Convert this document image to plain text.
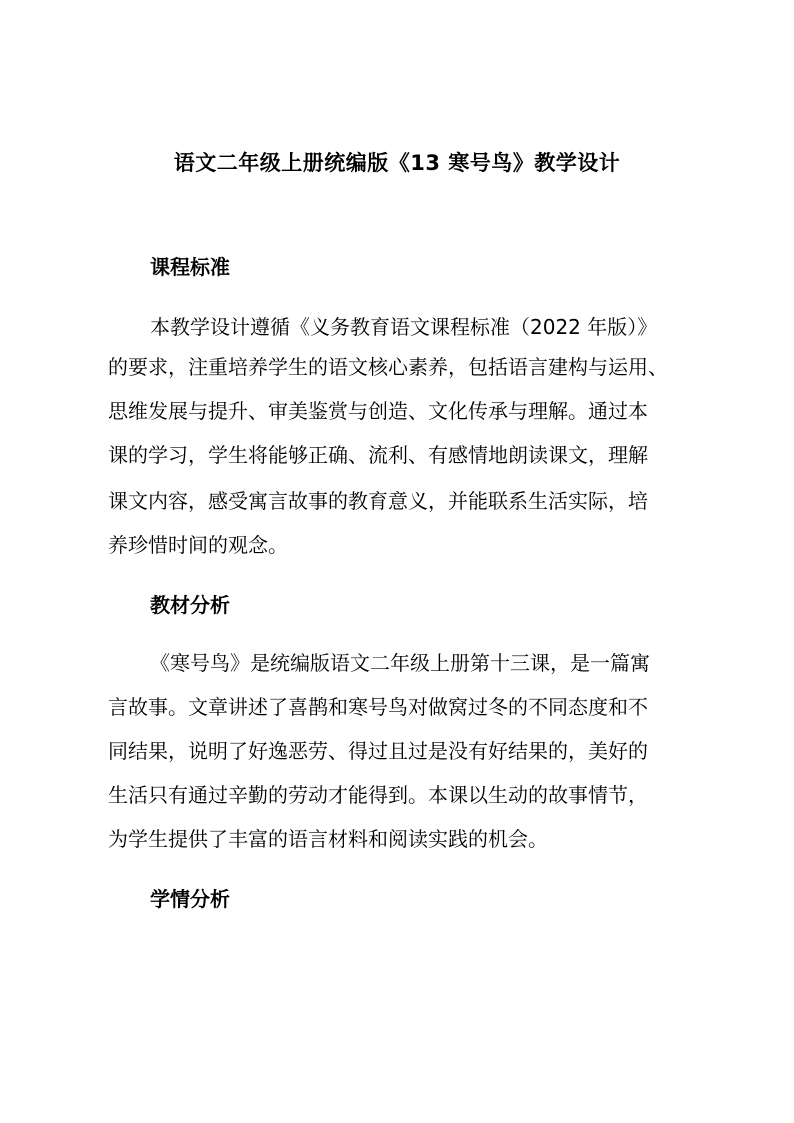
语文二年级上册统编版《13 寒号鸟》教学设计
课程标准

本教学设计遵循《义务教育语文课程标准（2022 年版）》

的要求，注重培养学生的语文核心素养，包括语言建构与运用、

思维发展与提升、审美鉴赏与创造、文化传承与理解。通过本

课的学习，学生将能够正确、流利、有感情地朗读课文，理解

课文内容，感受寓言故事的教育意义，并能联系生活实际，培

养珍惜时间的观念。

教材分析

《寒号鸟》是统编版语文二年级上册第十三课，是一篇寓

言故事。文章讲述了喜鹊和寒号鸟对做窝过冬的不同态度和不

同结果，说明了好逸恶劳、得过且过是没有好结果的，美好的

生活只有通过辛勤的劳动才能得到。本课以生动的故事情节，

为学生提供了丰富的语言材料和阅读实践的机会。

学情分析
